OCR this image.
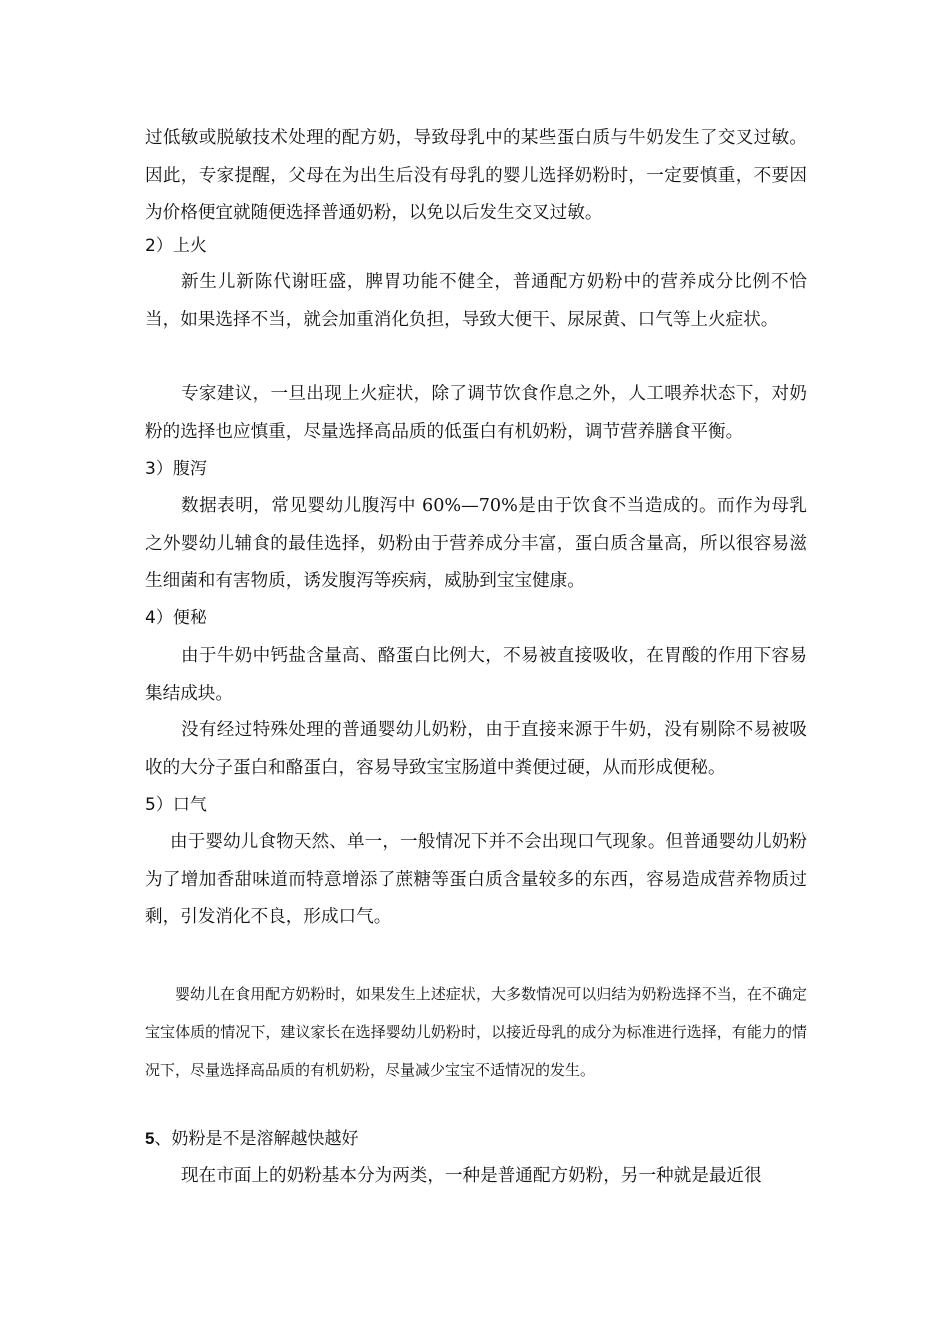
过低敏或脱敏技术处理的配方奶，导致母乳中的某些蛋白质与牛奶发生了交叉过敏。因此，专家提醒，父母在为出生后没有母乳的婴儿选择奶粉时，一定要慎重，不要因为价格便宜就随便选择普通奶粉，以免以后发生交叉过敏。

2）上火

新生儿新陈代谢旺盛，脾胃功能不健全，普通配方奶粉中的营养成分比例不恰当，如果选择不当，就会加重消化负担，导致大便干、尿尿黄、口气等上火症状。

专家建议，一旦出现上火症状，除了调节饮食作息之外，人工喂养状态下，对奶粉的选择也应慎重，尽量选择高品质的低蛋白有机奶粉，调节营养膳食平衡。

3）腹泻

数据表明，常见婴幼儿腹泻中 60%—70%是由于饮食不当造成的。而作为母乳之外婴幼儿辅食的最佳选择，奶粉由于营养成分丰富，蛋白质含量高，所以很容易滋生细菌和有害物质，诱发腹泻等疾病，威胁到宝宝健康。

4）便秘

由于牛奶中钙盐含量高、酪蛋白比例大，不易被直接吸收，在胃酸的作用下容易集结成块。

没有经过特殊处理的普通婴幼儿奶粉，由于直接来源于牛奶，没有剔除不易被吸收的大分子蛋白和酪蛋白，容易导致宝宝肠道中粪便过硬，从而形成便秘。

5）口气

由于婴幼儿食物天然、单一，一般情况下并不会出现口气现象。但普通婴幼儿奶粉为了增加香甜味道而特意增添了蔗糖等蛋白质含量较多的东西，容易造成营养物质过剩，引发消化不良，形成口气。

婴幼儿在食用配方奶粉时，如果发生上述症状，大多数情况可以归结为奶粉选择不当，在不确定宝宝体质的情况下，建议家长在选择婴幼儿奶粉时，以接近母乳的成分为标准进行选择，有能力的情况下，尽量选择高品质的有机奶粉，尽量减少宝宝不适情况的发生。

5、奶粉是不是溶解越快越好

现在市面上的奶粉基本分为两类，一种是普通配方奶粉，另一种就是最近很
